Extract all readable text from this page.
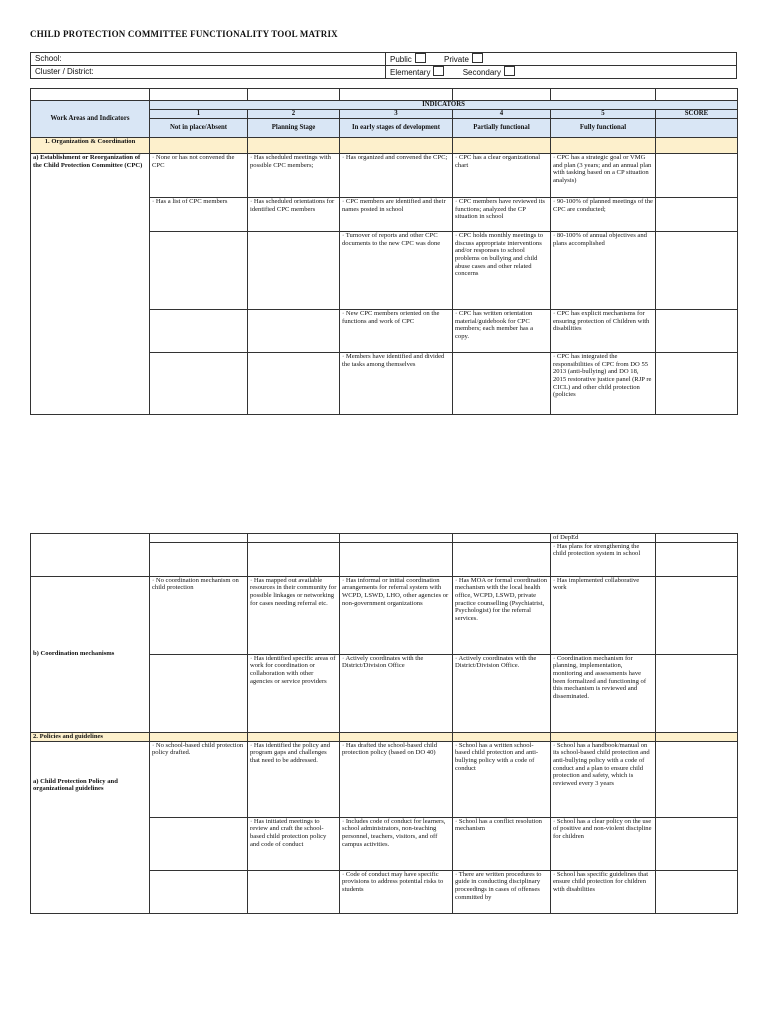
CHILD PROTECTION COMMITTEE FUNCTIONALITY TOOL MATRIX
School:	Public Private
Cluster / District:	Elementary Secondary

Work Areas and Indicators	INDICATORS					
	1	2	3	4	5	SCORE
	Not in place/Absent	Planning Stage	In early stages of development	Partially functional	Fully functional	
1. Organization & Coordination						
a) Establishment or Reorganization of the Child Protection Committee (CPC)	· None or has not convened the CPC	· Has scheduled meetings with possible CPC members;	· Has organized and convened the CPC;	· CPC has a clear organizational chart	· CPC has a strategic goal or VMG and plan (3 years; and an annual plan with tasking based on a CP situation analysis)	
	· Has a list of CPC members	· Has scheduled orientations for identified CPC members	· CPC members are identified and their names posted in school	· CPC members have reviewed its functions; analyzed the CP situation in school	· 90-100% of planned meetings of the CPC are conducted;	
			· Turnover of reports and other CPC documents to the new CPC was done	· CPC holds monthly meetings to discuss appropriate interventions and/or responses to school problems on bullying and child abuse cases and other related concerns	· 80-100% of annual objectives and plans accomplished	
			· New CPC members oriented on the functions and work of CPC	· CPC has written orientation material/guidebook for CPC members; each member has a copy.	· CPC has explicit mechanisms for ensuring protection of Children with disabilities	
			· Members have identified and divided the tasks among themselves		· CPC has integrated the responsibilities of CPC from DO 55 2013 (anti-bullying) and DO 18, 2015 restorative justice panel (RJP re CICL) and other child protection (policies	
					of DepEd	
					· Has plans for strengthening the child protection system in school	
b) Coordination mechanisms	· No coordination mechanism on child protection	· Has mapped out available resources in their community for possible linkages or networking for cases needing referral etc.	· Has informal or initial coordination arrangements for referral system with WCPD, LSWD, LHO, other agencies or non-government organizations	· Has MOA or formal coordination mechanism with the local health office, WCPD, LSWD, private practice counselling (Psychiatrist, Psychologist) for the referral services.	· Has implemented collaborative work	
		· Has identified specific areas of work for coordination or collaboration with other agencies or service providers	· Actively coordinates with the District/Division Office	· Actively coordinates with the District/Division Office.	· Coordination mechanism for planning, implementation, monitoring and assessments have been formalized and functioning of this mechanism is reviewed and disseminated.	
2. Policies and guidelines						
a) Child Protection Policy and organizational guidelines	· No school-based child protection policy drafted.	· Has identified the policy and program gaps and challenges that need to be addressed.	· Has drafted the school-based child protection policy (based on DO 40)	· School has a written school-based child protection and anti-bullying policy with a code of conduct	· School has a handbook/manual on its school-based child protection and anti-bullying policy with a code of conduct and a plan to ensure child protection and safety, which is reviewed every 3 years	
		· Has initiated meetings to review and craft the school-based child protection policy and code of conduct	· Includes code of conduct for learners, school administrators, non-teaching personnel, teachers, visitors, and off campus activities.	· School has a conflict resolution mechanism	· School has a clear policy on the use of positive and non-violent discipline for children	
			· Code of conduct may have specific provisions to address potential risks to students	· There are written procedures to guide in conducting disciplinary proceedings in cases of offenses committed by	· School has specific guidelines that ensure child protection for children with disabilities	
